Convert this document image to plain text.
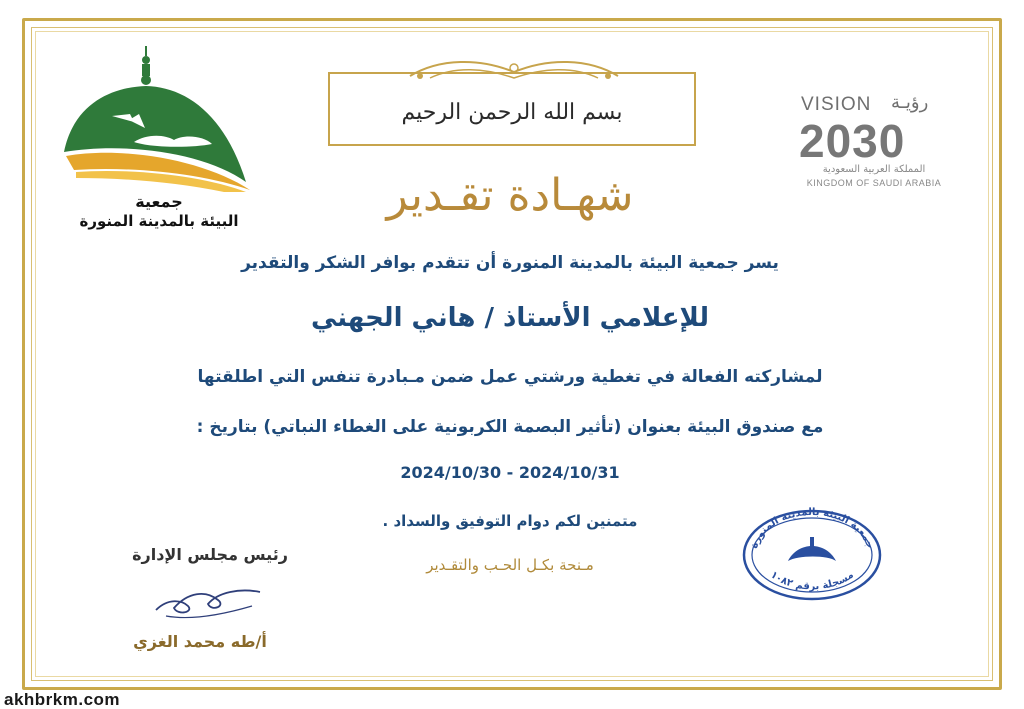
جمعية
البيئة بالمدينة المنورة
بسم الله الرحمن الرحيم	VISION رؤيـة
2030
المملكة العربية السعودية
KINGDOM OF SAUDI ARABIA
شهـادة تقـدير
يسر جمعية البيئة بالمدينة المنورة أن تتقدم بوافر الشكر والتقدير
للإعلامي الأستاذ / هاني الجهني
لمشاركته الفعالة في تغطية ورشتي عمل ضمن مـبادرة تنفس التي اطلقتها
مع صندوق البيئة بعنوان (تأثير البصمة الكربونية على الغطاء النباتي) بتاريخ :
2024/10/30 - 2024/10/31
متمنين لكم دوام التوفيق والسداد .
مـنحة بكـل الحـب والتقـدير
جمعية البيئة بالمدينة المنورة
مسجلة برقم ١٠٨٢
رئيس مجلس الإدارة
أ/طه محمد الغزي
akhbrkm.com
